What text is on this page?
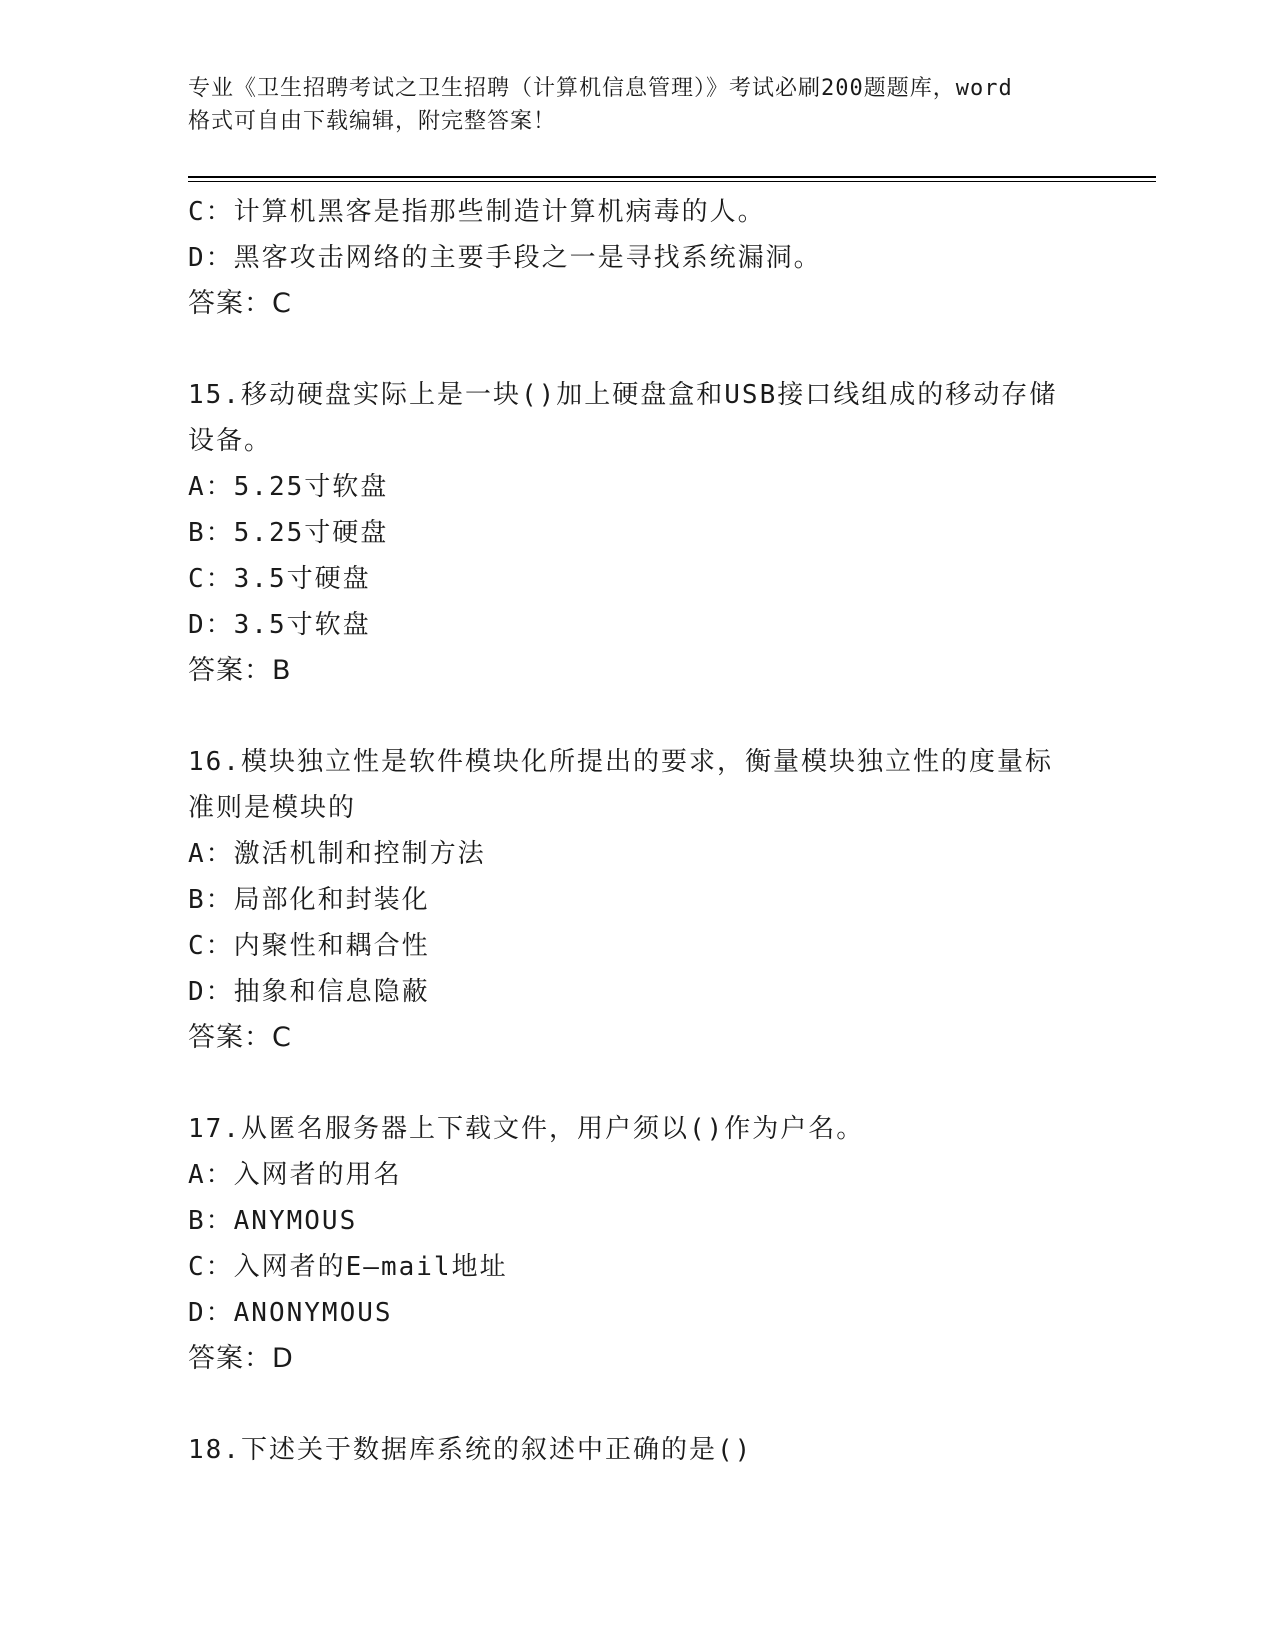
专业《卫生招聘考试之卫生招聘（计算机信息管理）》考试必刷200题题库，word
格式可自由下载编辑，附完整答案！
C：计算机黑客是指那些制造计算机病毒的人。
D：黑客攻击网络的主要手段之一是寻找系统漏洞。
答案：C
15.移动硬盘实际上是一块()加上硬盘盒和USB接口线组成的移动存储
设备。
A：5.25寸软盘
B：5.25寸硬盘
C：3.5寸硬盘
D：3.5寸软盘
答案：B
16.模块独立性是软件模块化所提出的要求，衡量模块独立性的度量标
准则是模块的
A：激活机制和控制方法
B：局部化和封装化
C：内聚性和耦合性
D：抽象和信息隐蔽
答案：C
17.从匿名服务器上下载文件，用户须以()作为户名。
A：入网者的用名
B：ANYMOUS
C：入网者的E—mail地址
D：ANONYMOUS
答案：D
18.下述关于数据库系统的叙述中正确的是()
